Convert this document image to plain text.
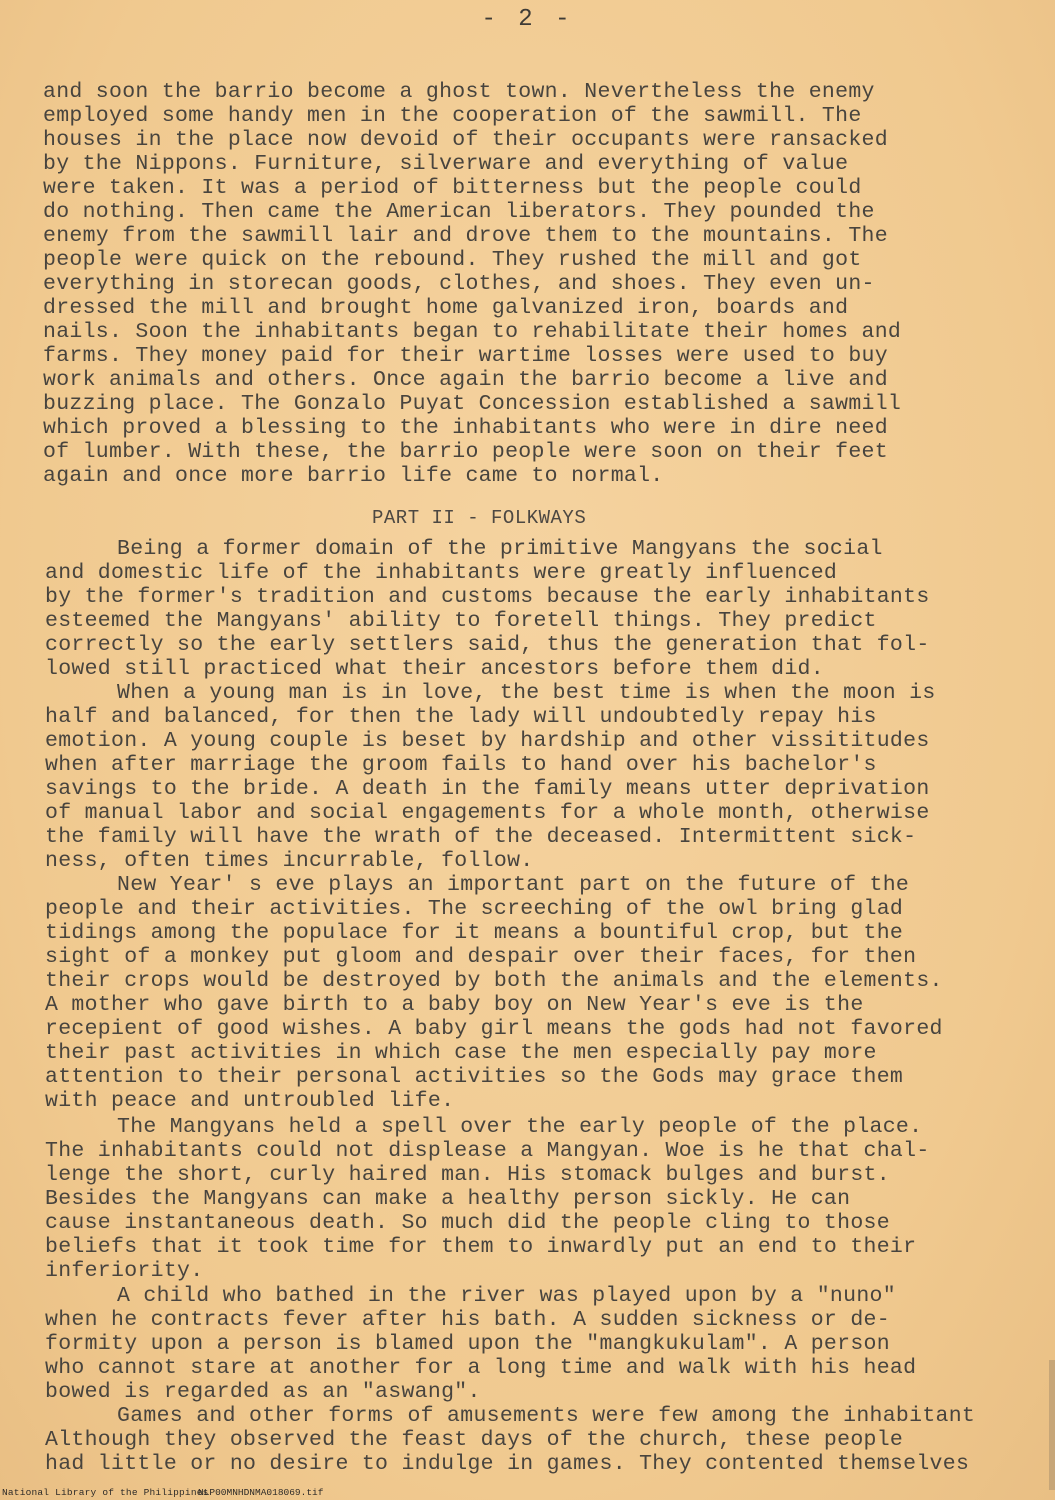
- 2 -
and soon the barrio become a ghost town. Nevertheless the enemy
employed some handy men in the cooperation of the sawmill. The
houses in the place now devoid of their occupants were ransacked
by the Nippons. Furniture, silverware and everything of value
were taken. It was a period of bitterness but the people could
do nothing. Then came the American liberators. They pounded the
enemy from the sawmill lair and drove them to the mountains. The
people were quick on the rebound. They rushed the mill and got
everything in storecan goods, clothes, and shoes. They even un-
dressed the mill and brought home galvanized iron, boards and
nails. Soon the inhabitants began to rehabilitate their homes and
farms. They money paid for their wartime losses were used to buy
work animals and others. Once again the barrio become a live and
buzzing place. The Gonzalo Puyat Concession established a sawmill
which proved a blessing to the inhabitants who were in dire need
of lumber. With these, the barrio people were soon on their feet
again and once more barrio life came to normal.
PART II - FOLKWAYS
Being a former domain of the primitive Mangyans the social
and domestic life of the inhabitants were greatly influenced
by the former's tradition and customs because the early inhabitants
esteemed the Mangyans' ability to foretell things. They predict
correctly so the early settlers said, thus the generation that fol-
lowed still practiced what their ancestors before them did.
When a young man is in love, the best time is when the moon is
half and balanced, for then the lady will undoubtedly repay his
emotion. A young couple is beset by hardship and other vissititudes
when after marriage the groom fails to hand over his bachelor's
savings to the bride. A death in the family means utter deprivation
of manual labor and social engagements for a whole month, otherwise
the family will have the wrath of the deceased. Intermittent sick-
ness, often times incurrable, follow.
New Year' s eve plays an important part on the future of the
people and their activities. The screeching of the owl bring glad
tidings among the populace for it means a bountiful crop, but the
sight of a monkey put gloom and despair over their faces, for then
their crops would be destroyed by both the animals and the elements.
A mother who gave birth to a baby boy on New Year's eve is the
recepient of good wishes. A baby girl means the gods had not favored
their past activities in which case the men especially pay more
attention to their personal activities so the Gods may grace them
with peace and untroubled life.
The Mangyans held a spell over the early people of the place.
The inhabitants could not displease a Mangyan. Woe is he that chal-
lenge the short, curly haired man. His stomack bulges and burst.
Besides the Mangyans can make a healthy person sickly. He can
cause instantaneous death. So much did the people cling to those
beliefs that it took time for them to inwardly put an end to their
inferiority.
A child who bathed in the river was played upon by a "nuno"
when he contracts fever after his bath. A sudden sickness or de-
formity upon a person is blamed upon the "mangkukulam". A person
who cannot stare at another for a long time and walk with his head
bowed is regarded as an "aswang".
Games and other forms of amusements were few among the inhabitant
Although they observed the feast days of the church, these people
had little or no desire to indulge in games. They contented themselves
National Library of the Philippines
NLP00MNHDNMA018069.tif
